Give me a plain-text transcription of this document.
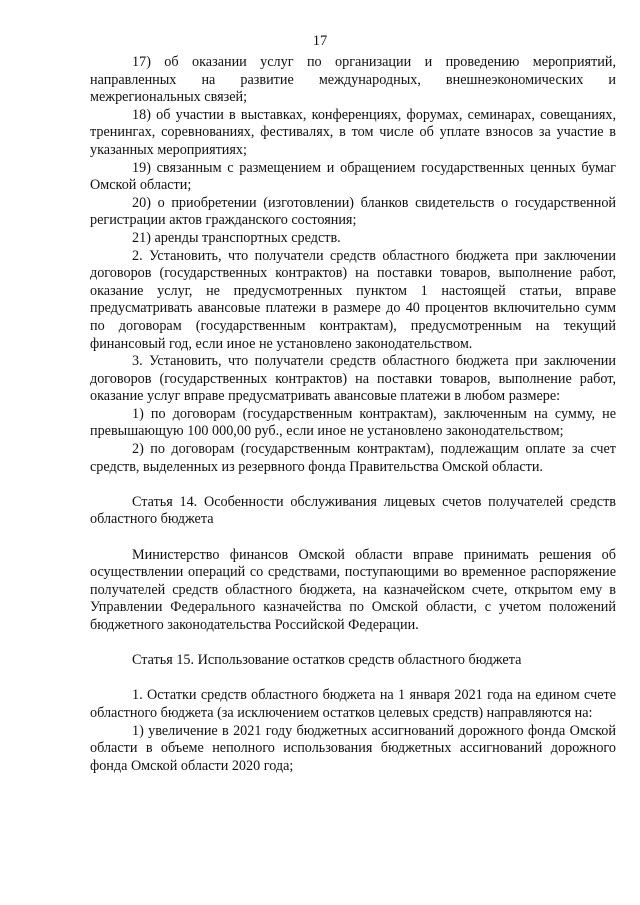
17

17) об оказании услуг по организации и проведению мероприятий, направленных на развитие международных, внешнеэкономических и межрегиональных связей;

18) об участии в выставках, конференциях, форумах, семинарах, совещаниях, тренингах, соревнованиях, фестивалях, в том числе об уплате взносов за участие в указанных мероприятиях;

19) связанным с размещением и обращением государственных ценных бумаг Омской области;

20) о приобретении (изготовлении) бланков свидетельств о государственной регистрации актов гражданского состояния;

21) аренды транспортных средств.

2. Установить, что получатели средств областного бюджета при заключении договоров (государственных контрактов) на поставки товаров, выполнение работ, оказание услуг, не предусмотренных пунктом 1 настоящей статьи, вправе предусматривать авансовые платежи в размере до 40 процентов включительно сумм по договорам (государственным контрактам), предусмотренным на текущий финансовый год, если иное не установлено законодательством.

3. Установить, что получатели средств областного бюджета при заключении договоров (государственных контрактов) на поставки товаров, выполнение работ, оказание услуг вправе предусматривать авансовые платежи в любом размере:

1) по договорам (государственным контрактам), заключенным на сумму, не превышающую 100 000,00 руб., если иное не установлено законодательством;

2) по договорам (государственным контрактам), подлежащим оплате за счет средств, выделенных из резервного фонда Правительства Омской области.

Статья 14. Особенности обслуживания лицевых счетов получателей средств областного бюджета

Министерство финансов Омской области вправе принимать решения об осуществлении операций со средствами, поступающими во временное распоряжение получателей средств областного бюджета, на казначейском счете, открытом ему в Управлении Федерального казначейства по Омской области, с учетом положений бюджетного законодательства Российской Федерации.

Статья 15. Использование остатков средств областного бюджета

1. Остатки средств областного бюджета на 1 января 2021 года на едином счете областного бюджета (за исключением остатков целевых средств) направляются на:

1) увеличение в 2021 году бюджетных ассигнований дорожного фонда Омской области в объеме неполного использования бюджетных ассигнований дорожного фонда Омской области 2020 года;
